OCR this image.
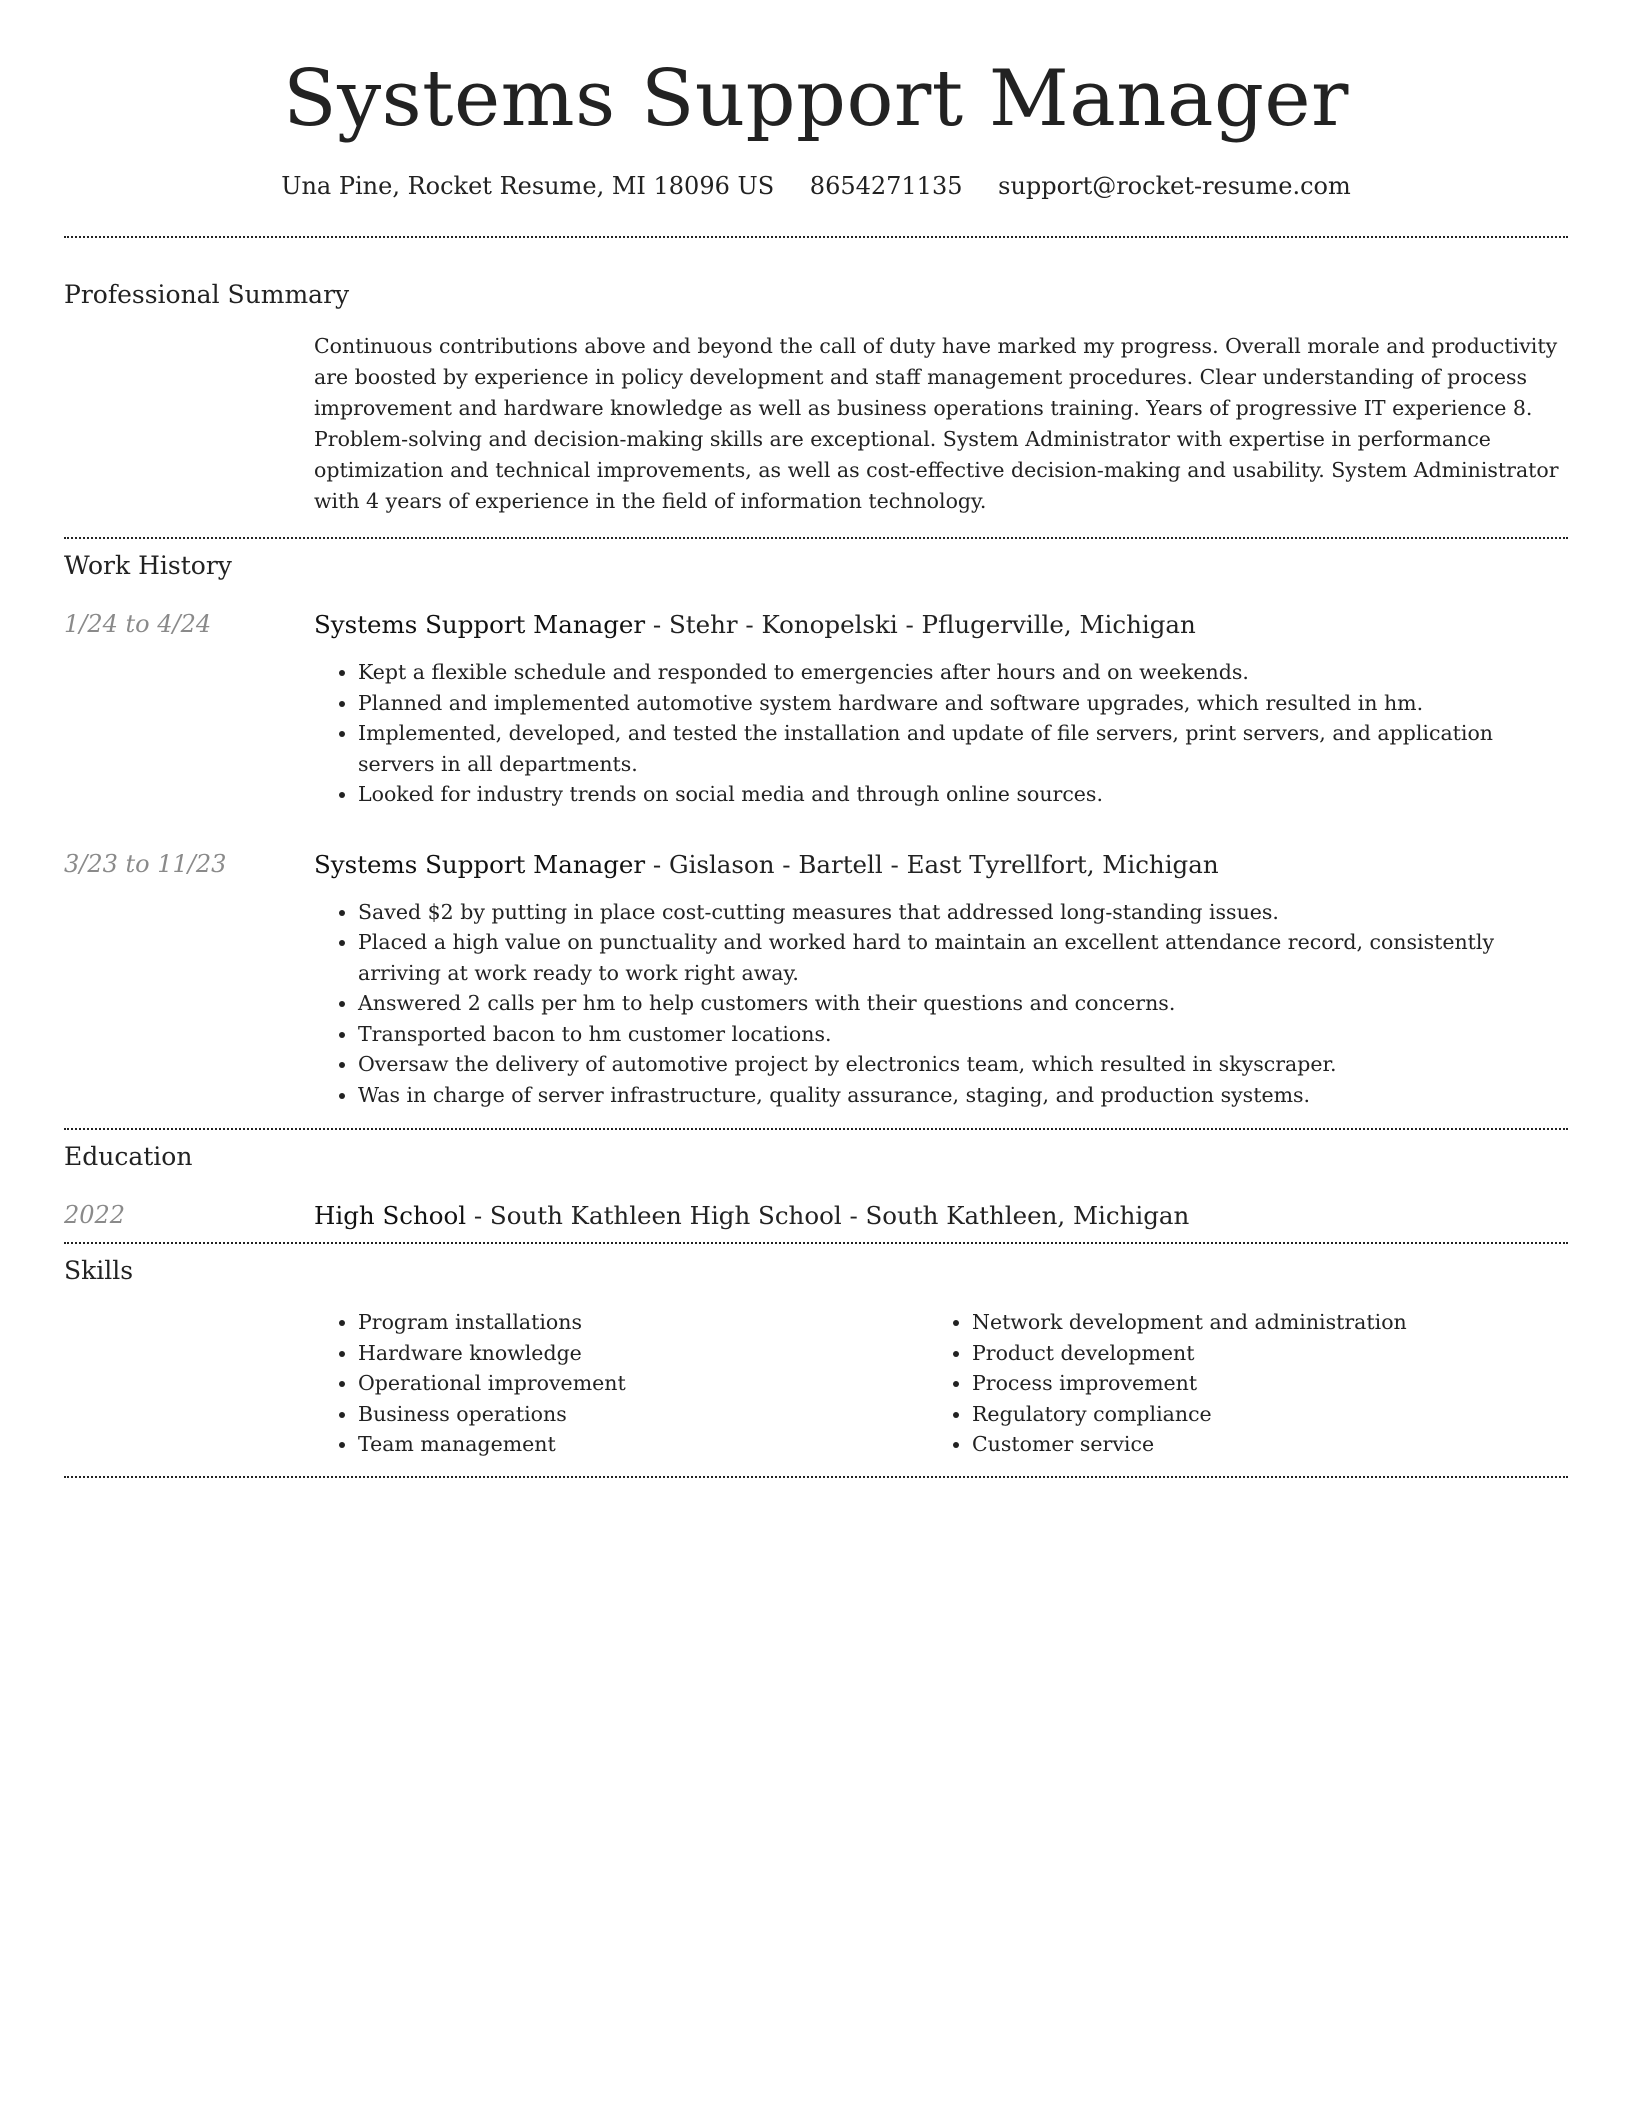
Systems Support Manager
Una Pine, Rocket Resume, MI 18096 US 8654271135 support@rocket-resume.com
Professional Summary

Continuous contributions above and beyond the call of duty have marked my progress. Overall morale and productivity are boosted by experience in policy development and staff management procedures. Clear understanding of process improvement and hardware knowledge as well as business operations training. Years of progressive IT experience 8. Problem-solving and decision-making skills are exceptional. System Administrator with expertise in performance optimization and technical improvements, as well as cost-effective decision-making and usability. System Administrator with 4 years of experience in the field of information technology.

Work History
1/24 to 4/24	Systems Support Manager - Stehr - Konopelski - Pflugerville, Michigan
• Kept a flexible schedule and responded to emergencies after hours and on weekends.
• Planned and implemented automotive system hardware and software upgrades, which resulted in hm.
• Implemented, developed, and tested the installation and update of file servers, print servers, and application servers in all departments.
• Looked for industry trends on social media and through online sources.
3/23 to 11/23	Systems Support Manager - Gislason - Bartell - East Tyrellfort, Michigan
• Saved $2 by putting in place cost-cutting measures that addressed long-standing issues.
• Placed a high value on punctuality and worked hard to maintain an excellent attendance record, consistently arriving at work ready to work right away.
• Answered 2 calls per hm to help customers with their questions and concerns.
• Transported bacon to hm customer locations.
• Oversaw the delivery of automotive project by electronics team, which resulted in skyscraper.
• Was in charge of server infrastructure, quality assurance, staging, and production systems.
Education
2022	High School - South Kathleen High School - South Kathleen, Michigan
Skills
• Program installations
• Hardware knowledge
• Operational improvement
• Business operations
• Team management
• Network development and administration
• Product development
• Process improvement
• Regulatory compliance
• Customer service
